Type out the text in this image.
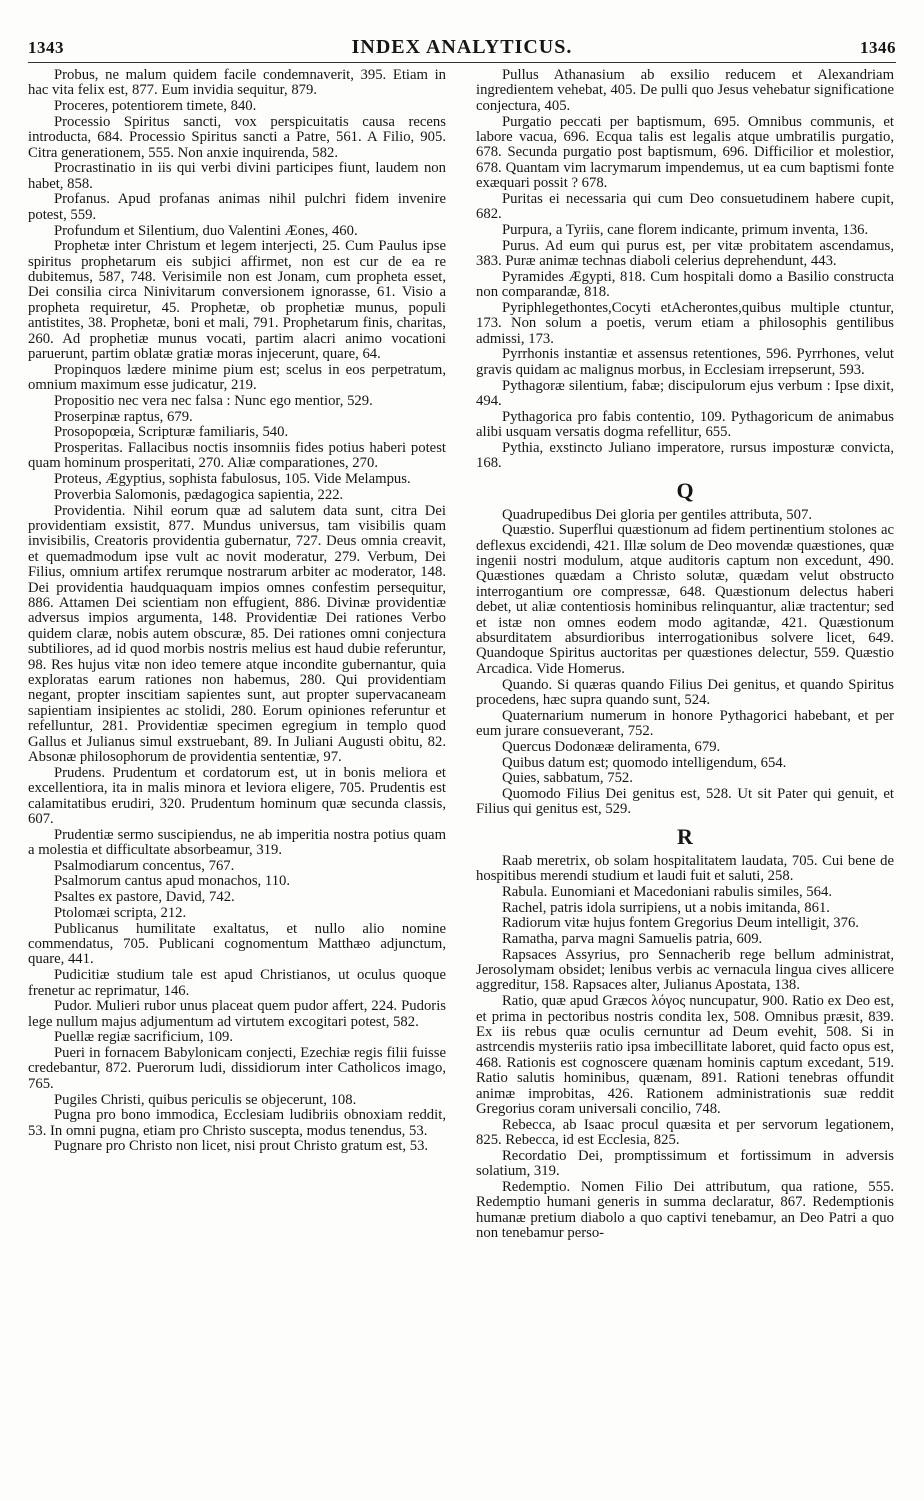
1343	INDEX ANALYTICUS.	1346

Probus, ne malum quidem facile condemnaverit, 395. Etiam in hac vita felix est, 877. Eum invidia sequitur, 879.

Proceres, potentiorem timete, 840.

Processio Spiritus sancti, vox perspicuitatis causa recens introducta, 684. Processio Spiritus sancti a Patre, 561. A Filio, 905. Citra generationem, 555. Non anxie inquirenda, 582.

Procrastinatio in iis qui verbi divini participes fiunt, laudem non habet, 858.

Profanus. Apud profanas animas nihil pulchri fidem invenire potest, 559.

Profundum et Silentium, duo Valentini Æones, 460.

Prophetæ inter Christum et legem interjecti, 25. Cum Paulus ipse spiritus prophetarum eis subjici affirmet, non est cur de ea re dubitemus, 587, 748. Verisimile non est Jonam, cum propheta esset, Dei consilia circa Ninivitarum conversionem ignorasse, 61. Visio a propheta requiretur, 45. Prophetæ, ob prophetiæ munus, populi antistites, 38. Prophetæ, boni et mali, 791. Prophetarum finis, charitas, 260. Ad prophetiæ munus vocati, partim alacri animo vocationi paruerunt, partim oblatæ gratiæ moras injecerunt, quare, 64.

Propinquos lædere minime pium est; scelus in eos perpetratum, omnium maximum esse judicatur, 219.

Propositio nec vera nec falsa : Nunc ego mentior, 529.

Proserpinæ raptus, 679.

Prosopopœia, Scripturæ familiaris, 540.

Prosperitas. Fallacibus noctis insomniis fides potius haberi potest quam hominum prosperitati, 270. Aliæ comparationes, 270.

Proteus, Ægyptius, sophista fabulosus, 105. Vide Melampus.

Proverbia Salomonis, pædagogica sapientia, 222.

Providentia. Nihil eorum quæ ad salutem data sunt, citra Dei providentiam exsistit, 877. Mundus universus, tam visibilis quam invisibilis, Creatoris providentia gubernatur, 727. Deus omnia creavit, et quemadmodum ipse vult ac novit moderatur, 279. Verbum, Dei Filius, omnium artifex rerumque nostrarum arbiter ac moderator, 148. Dei providentia haudquaquam impios omnes confestim persequitur, 886. Attamen Dei scientiam non effugient, 886. Divinæ providentiæ adversus impios argumenta, 148. Providentiæ Dei rationes Verbo quidem claræ, nobis autem obscuræ, 85. Dei rationes omni conjectura subtiliores, ad id quod morbis nostris melius est haud dubie referuntur, 98. Res hujus vitæ non ideo temere atque incondite gubernantur, quia exploratas earum rationes non habemus, 280. Qui providentiam negant, propter inscitiam sapientes sunt, aut propter supervacaneam sapientiam insipientes ac stolidi, 280. Eorum opiniones referuntur et refelluntur, 281. Providentiæ specimen egregium in templo quod Gallus et Julianus simul exstruebant, 89. In Juliani Augusti obitu, 82. Absonæ philosophorum de providentia sententiæ, 97.

Prudens. Prudentum et cordatorum est, ut in bonis meliora et excellentiora, ita in malis minora et leviora eligere, 705. Prudentis est calamitatibus erudiri, 320. Prudentum hominum quæ secunda classis, 607.

Prudentiæ sermo suscipiendus, ne ab imperitia nostra potius quam a molestia et difficultate absorbeamur, 319.

Psalmodiarum concentus, 767.

Psalmorum cantus apud monachos, 110.

Psaltes ex pastore, David, 742.

Ptolomæi scripta, 212.

Publicanus humilitate exaltatus, et nullo alio nomine commendatus, 705. Publicani cognomentum Matthæo adjunctum, quare, 441.

Pudicitiæ studium tale est apud Christianos, ut oculus quoque frenetur ac reprimatur, 146.

Pudor. Mulieri rubor unus placeat quem pudor affert, 224. Pudoris lege nullum majus adjumentum ad virtutem excogitari potest, 582.

Puellæ regiæ sacrificium, 109.

Pueri in fornacem Babylonicam conjecti, Ezechiæ regis filii fuisse credebantur, 872. Puerorum ludi, dissidiorum inter Catholicos imago, 765.

Pugiles Christi, quibus periculis se objecerunt, 108.

Pugna pro bono immodica, Ecclesiam ludibriis obnoxiam reddit, 53. In omni pugna, etiam pro Christo suscepta, modus tenendus, 53.

Pugnare pro Christo non licet, nisi prout Christo gratum est, 53.

Pullus Athanasium ab exsilio reducem et Alexandriam ingredientem vehebat, 405. De pulli quo Jesus vehebatur significatione conjectura, 405.

Purgatio peccati per baptismum, 695. Omnibus communis, et labore vacua, 696. Ecqua talis est legalis atque umbratilis purgatio, 678. Secunda purgatio post baptismum, 696. Difficilior et molestior, 678. Quantam vim lacrymarum impendemus, ut ea cum baptismi fonte exæquari possit ? 678.

Puritas ei necessaria qui cum Deo consuetudinem habere cupit, 682.

Purpura, a Tyriis, cane florem indicante, primum inventa, 136.

Purus. Ad eum qui purus est, per vitæ probitatem ascendamus, 383. Puræ animæ technas diaboli celerius deprehendunt, 443.

Pyramides Ægypti, 818. Cum hospitali domo a Basilio constructa non comparandæ, 818.

Pyriphlegethontes,Cocyti etAcherontes,quibus multiple ctuntur, 173. Non solum a poetis, verum etiam a philosophis gentilibus admissi, 173.

Pyrrhonis instantiæ et assensus retentiones, 596. Pyrrhones, velut gravis quidam ac malignus morbus, in Ecclesiam irrepserunt, 593.

Pythagoræ silentium, fabæ; discipulorum ejus verbum : Ipse dixit, 494.

Pythagorica pro fabis contentio, 109. Pythagoricum de animabus alibi usquam versatis dogma refellitur, 655.

Pythia, exstincto Juliano imperatore, rursus imposturæ convicta, 168.

Q

Quadrupedibus Dei gloria per gentiles attributa, 507.

Quæstio. Superflui quæstionum ad fidem pertinentium stolones ac deflexus excidendi, 421. Illæ solum de Deo movendæ quæstiones, quæ ingenii nostri modulum, atque auditoris captum non excedunt, 490. Quæstiones quædam a Christo solutæ, quædam velut obstructo interrogantium ore compressæ, 648. Quæstionum delectus haberi debet, ut aliæ contentiosis hominibus relinquantur, aliæ tractentur; sed et istæ non omnes eodem modo agitandæ, 421. Quæstionum absurditatem absurdioribus interrogationibus solvere licet, 649. Quandoque Spiritus auctoritas per quæstiones delectur, 559. Quæstio Arcadica. Vide Homerus.

Quando. Si quæras quando Filius Dei genitus, et quando Spiritus procedens, hæc supra quando sunt, 524.

Quaternarium numerum in honore Pythagorici habebant, et per eum jurare consueverant, 752.

Quercus Dodonææ deliramenta, 679.

Quibus datum est; quomodo intelligendum, 654.

Quies, sabbatum, 752.

Quomodo Filius Dei genitus est, 528. Ut sit Pater qui genuit, et Filius qui genitus est, 529.

R

Raab meretrix, ob solam hospitalitatem laudata, 705. Cui bene de hospitibus merendi studium et laudi fuit et saluti, 258.

Rabula. Eunomiani et Macedoniani rabulis similes, 564.

Rachel, patris idola surripiens, ut a nobis imitanda, 861.

Radiorum vitæ hujus fontem Gregorius Deum intelligit, 376.

Ramatha, parva magni Samuelis patria, 609.

Rapsaces Assyrius, pro Sennacherib rege bellum administrat, Jerosolymam obsidet; lenibus verbis ac vernacula lingua cives allicere aggreditur, 158. Rapsaces alter, Julianus Apostata, 138.

Ratio, quæ apud Græcos λόγος nuncupatur, 900. Ratio ex Deo est, et prima in pectoribus nostris condita lex, 508. Omnibus præsit, 839. Ex iis rebus quæ oculis cernuntur ad Deum evehit, 508. Si in astrcendis mysteriis ratio ipsa imbecillitate laboret, quid facto opus est, 468. Rationis est cognoscere quænam hominis captum excedant, 519. Ratio salutis hominibus, quænam, 891. Rationi tenebras offundit animæ improbitas, 426. Rationem administrationis suæ reddit Gregorius coram universali concilio, 748.

Rebecca, ab Isaac procul quæsita et per servorum legationem, 825. Rebecca, id est Ecclesia, 825.

Recordatio Dei, promptissimum et fortissimum in adversis solatium, 319.

Redemptio. Nomen Filio Dei attributum, qua ratione, 555. Redemptio humani generis in summa declaratur, 867. Redemptionis humanæ pretium diabolo a quo captivi tenebamur, an Deo Patri a quo non tenebamur perso-
